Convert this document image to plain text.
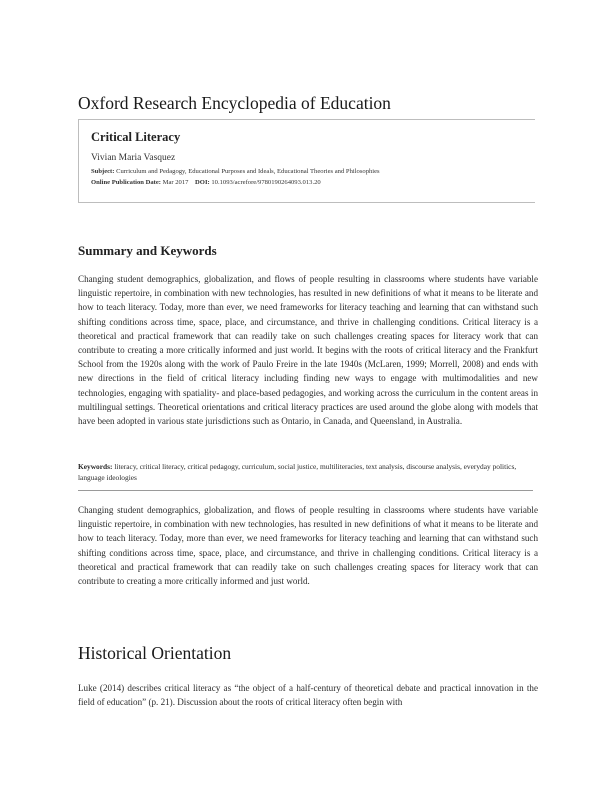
Oxford Research Encyclopedia of Education
Critical Literacy
Vivian Maria Vasquez
Subject: Curriculum and Pedagogy, Educational Purposes and Ideals, Educational Theories and Philosophies
Online Publication Date: Mar 2017 DOI: 10.1093/acrefore/9780190264093.013.20
Summary and Keywords

Changing student demographics, globalization, and flows of people resulting in classrooms where students have variable linguistic repertoire, in combination with new technologies, has resulted in new definitions of what it means to be literate and how to teach literacy. Today, more than ever, we need frameworks for literacy teaching and learning that can withstand such shifting conditions across time, space, place, and circumstance, and thrive in challenging conditions. Critical literacy is a theoretical and practical framework that can readily take on such challenges creating spaces for literacy work that can contribute to creating a more critically informed and just world. It begins with the roots of critical literacy and the Frankfurt School from the 1920s along with the work of Paulo Freire in the late 1940s (McLaren, 1999; Morrell, 2008) and ends with new directions in the field of critical literacy including finding new ways to engage with multimodalities and new technologies, engaging with spatiality- and place-based pedagogies, and working across the curriculum in the content areas in multilingual settings. Theoretical orientations and critical literacy practices are used around the globe along with models that have been adopted in various state jurisdictions such as Ontario, in Canada, and Queensland, in Australia.

Keywords: literacy, critical literacy, critical pedagogy, curriculum, social justice, multiliteracies, text analysis, discourse analysis, everyday politics, language ideologies

Changing student demographics, globalization, and flows of people resulting in classrooms where students have variable linguistic repertoire, in combination with new technologies, has resulted in new definitions of what it means to be literate and how to teach literacy. Today, more than ever, we need frameworks for literacy teaching and learning that can withstand such shifting conditions across time, space, place, and circumstance, and thrive in challenging conditions. Critical literacy is a theoretical and practical framework that can readily take on such challenges creating spaces for literacy work that can contribute to creating a more critically informed and just world.

Historical Orientation

Luke (2014) describes critical literacy as “the object of a half-century of theoretical debate and practical innovation in the field of education” (p. 21). Discussion about the roots of critical literacy often begin with
